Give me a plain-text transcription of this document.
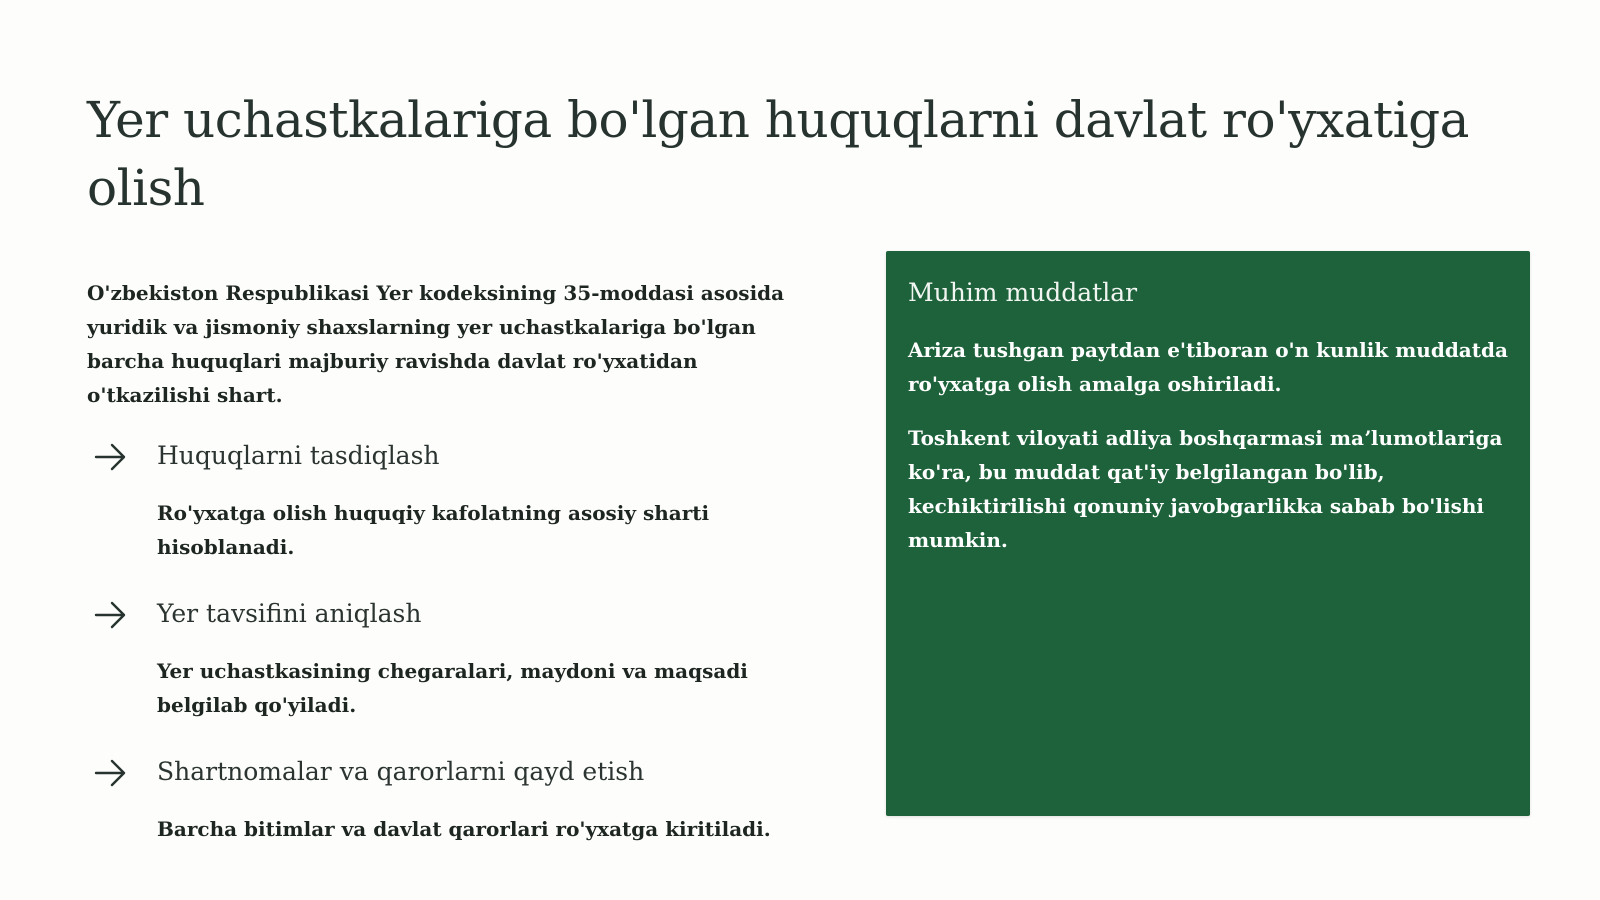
Yer uchastkalariga bo'lgan huquqlarni davlat ro'yxatiga olish

O'zbekiston Respublikasi Yer kodeksining 35-moddasi asosida yuridik va jismoniy shaxslarning yer uchastkalariga bo'lgan barcha huquqlari majburiy ravishda davlat ro'yxatidan o'tkazilishi shart.

Huquqlarni tasdiqlash
Ro'yxatga olish huquqiy kafolatning asosiy sharti hisoblanadi.
Yer tavsifini aniqlash
Yer uchastkasining chegaralari, maydoni va maqsadi belgilab qo'yiladi.
Shartnomalar va qarorlarni qayd etish
Barcha bitimlar va davlat qarorlari ro'yxatga kiritiladi.
Muhim muddatlar

Ariza tushgan paytdan e'tiboran o'n kunlik muddatda ro'yxatga olish amalga oshiriladi.

Toshkent viloyati adliya boshqarmasi maʼlumotlariga ko'ra, bu muddat qat'iy belgilangan bo'lib, kechiktirilishi qonuniy javobgarlikka sabab bo'lishi mumkin.
